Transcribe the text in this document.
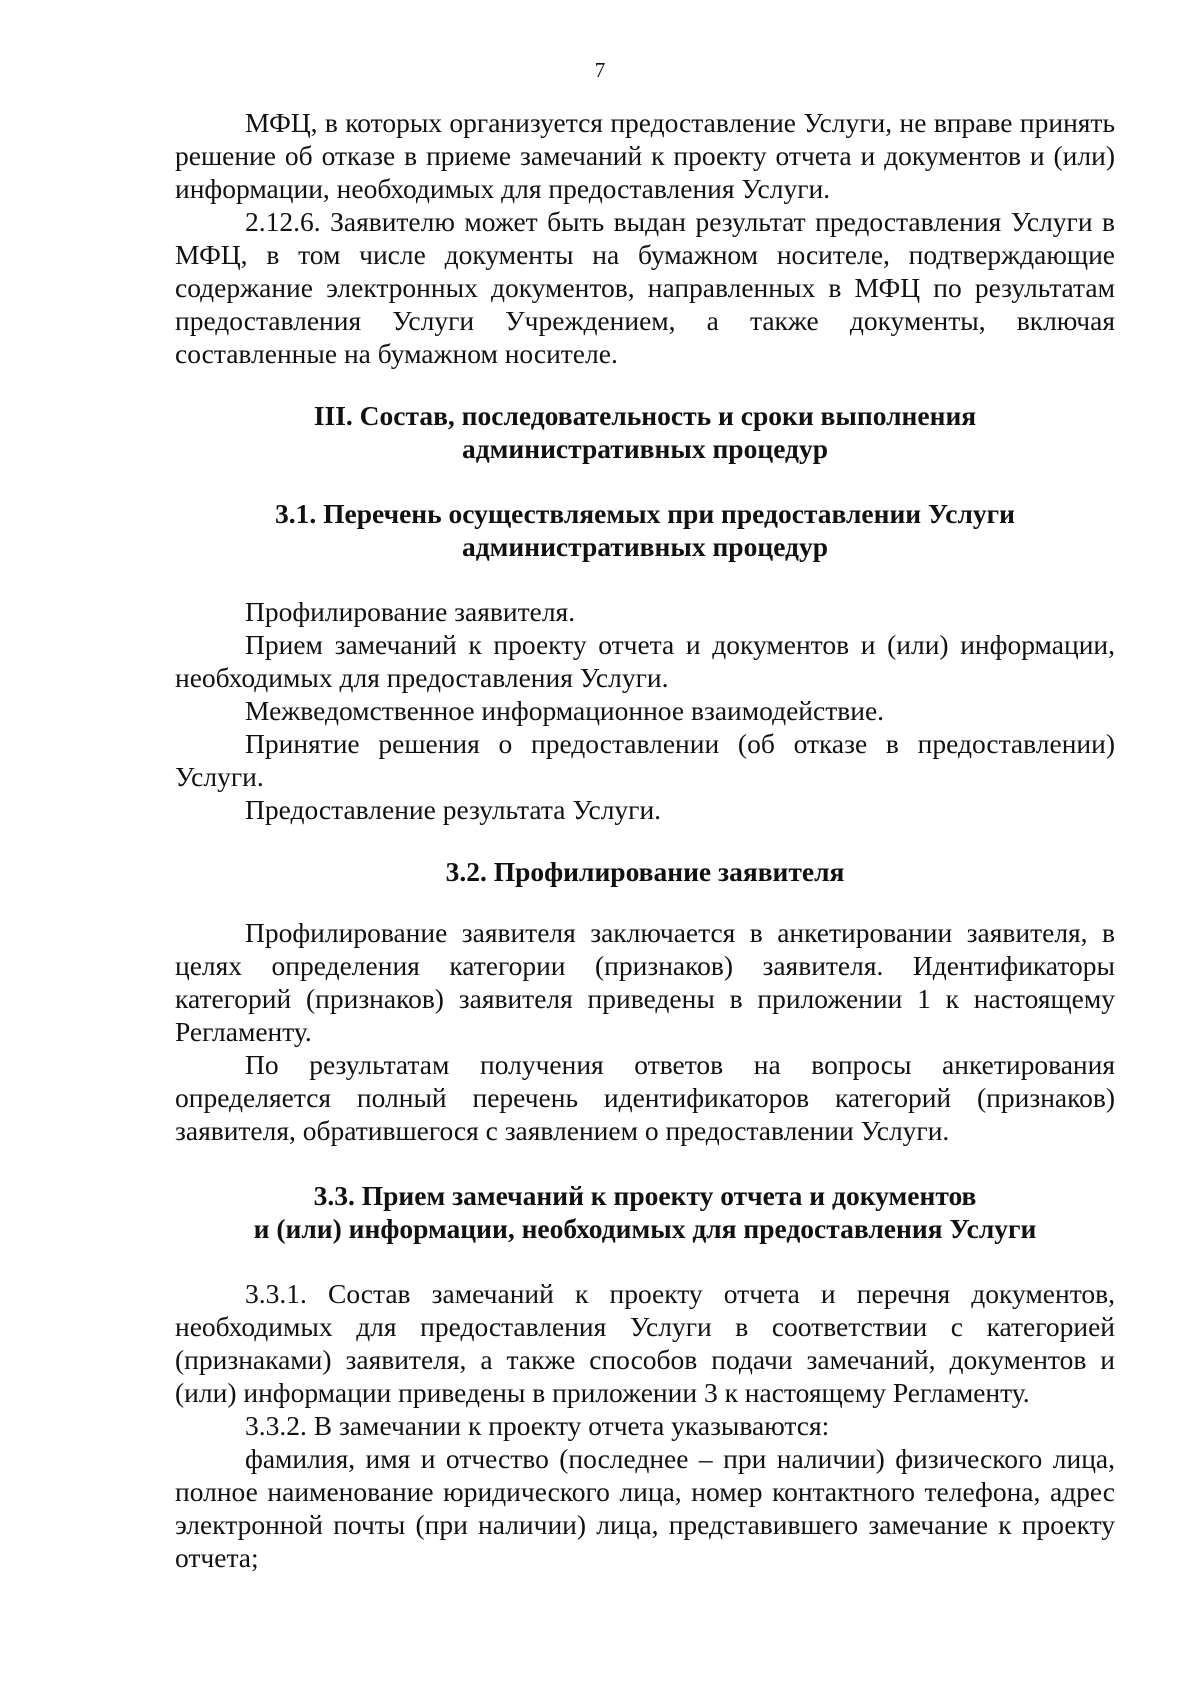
7

МФЦ, в которых организуется предоставление Услуги, не вправе принять решение об отказе в приеме замечаний к проекту отчета и документов и (или) информации, необходимых для предоставления Услуги.

2.12.6. Заявителю может быть выдан результат предоставления Услуги в МФЦ, в том числе документы на бумажном носителе, подтверждающие содержание электронных документов, направленных в МФЦ по результатам предоставления Услуги Учреждением, а также документы, включая составленные на бумажном носителе.

III. Состав, последовательность и сроки выполнения
административных процедур
3.1. Перечень осуществляемых при предоставлении Услуги
административных процедур

Профилирование заявителя.

Прием замечаний к проекту отчета и документов и (или) информации, необходимых для предоставления Услуги.

Межведомственное информационное взаимодействие.

Принятие решения о предоставлении (об отказе в предоставлении) Услуги.

Предоставление результата Услуги.

3.2. Профилирование заявителя

Профилирование заявителя заключается в анкетировании заявителя, в целях определения категории (признаков) заявителя. Идентификаторы категорий (признаков) заявителя приведены в приложении 1 к настоящему Регламенту.

По результатам получения ответов на вопросы анкетирования определяется полный перечень идентификаторов категорий (признаков) заявителя, обратившегося с заявлением о предоставлении Услуги.

3.3. Прием замечаний к проекту отчета и документов
и (или) информации, необходимых для предоставления Услуги

3.3.1. Состав замечаний к проекту отчета и перечня документов, необходимых для предоставления Услуги в соответствии с категорией (признаками) заявителя, а также способов подачи замечаний, документов и (или) информации приведены в приложении 3 к настоящему Регламенту.

3.3.2. В замечании к проекту отчета указываются:

фамилия, имя и отчество (последнее – при наличии) физического лица, полное наименование юридического лица, номер контактного телефона, адрес электронной почты (при наличии) лица, представившего замечание к проекту отчета;
